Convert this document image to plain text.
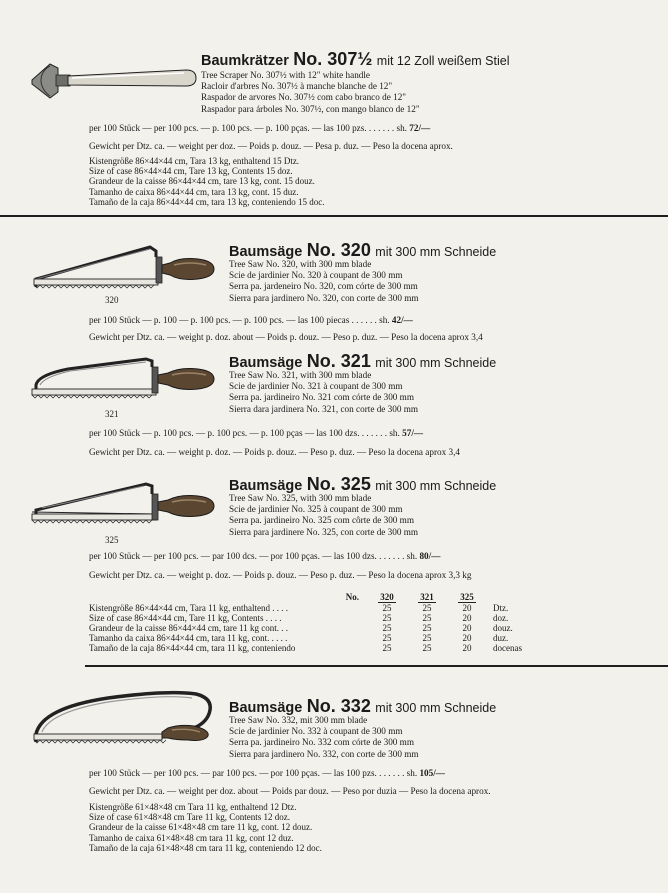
Baumkrätzer No. 307½ mit 12 Zoll weißem Stiel
Tree Scraper No. 307½ with 12" white handle
Racloir d'arbres No. 307½ à manche blanche de 12"
Raspador de arvores No. 307½ com cabo branco de 12"
Raspador para árboles No. 307½, con mango blanco de 12"
per 100 Stück — per 100 pcs. — p. 100 pcs. — p. 100 pças. — las 100 pzs. . . . . . . sh. 72/—
Gewicht per Dtz. ca. — weight per doz. — Poids p. douz. — Pesa p. duz. — Peso la docena aprox.
Kistengröße 86×44×44 cm, Tara 13 kg, enthaltend 15 Dtz.
Size of case 86×44×44 cm, Tare 13 kg, Contents 15 doz.
Grandeur de la caisse 86×44×44 cm, tare 13 kg, cont. 15 douz.
Tamanho de caixa 86×44×44 cm, tara 13 kg, cont. 15 duz.
Tamaño de la caja 86×44×44 cm, tara 13 kg, conteniendo 15 doc.
320
Baumsäge No. 320 mit 300 mm Schneide
Tree Saw No. 320, with 300 mm blade
Scie de jardinier No. 320 à coupant de 300 mm
Serra pa. jardeneiro No. 320, com córte de 300 mm
Sierra para jardinero No. 320, con corte de 300 mm
per 100 Stück — p. 100 — p. 100 pcs. — p. 100 pcs. — las 100 piecas . . . . . . sh. 42/—
Gewicht per Dtz. ca. — weight p. doz. about — Poids p. douz. — Peso p. duz. — Peso la docena aprox 3,4
321
Baumsäge No. 321 mit 300 mm Schneide
Tree Saw No. 321, with 300 mm blade
Scie de jardinier No. 321 à coupant de 300 mm
Serra pa. jardineiro No. 321 com córte de 300 mm
Sierra dara jardinera No. 321, con corte de 300 mm
per 100 Stück — p. 100 pcs. — p. 100 pcs. — p. 100 pças — las 100 dzs. . . . . . . sh. 57/—
Gewicht per Dtz. ca. — weight p. doz. — Poids p. douz. — Peso p. duz. — Peso la docena aprox 3,4
325
Baumsäge No. 325 mit 300 mm Schneide
Tree Saw No. 325, with 300 mm blade
Scie de jardinier No. 325 à coupant de 300 mm
Serra pa. jardineiro No. 325 com côrte de 300 mm
Sierra para jardinere No. 325, con corte de 300 mm
per 100 Stück — per 100 pcs. — par 100 dcs. — por 100 pças. — las 100 dzs. . . . . . . sh. 80/—
Gewicht per Dtz. ca. — weight p. doz. — Poids p. douz. — Peso p. duz. — Peso la docena aprox 3,3 kg
No.	320	321	325	
Kistengröße 86×44×44 cm, Tara 11 kg, enthaltend . . . .	25	25	20	Dtz.
Size of case 86×44×44 cm, Tare 11 kg, Contents . . . .	25	25	20	doz.
Grandeur de la caisse 86×44×44 cm, tare 11 kg cont. . .	25	25	20	douz.
Tamanho da caixa 86×44×44 cm, tara 11 kg, cont. . . . .	25	25	20	duz.
Tamaño de la caja 86×44×44 cm, tara 11 kg, conteniendo	25	25	20	docenas
Baumsäge No. 332 mit 300 mm Schneide
Tree Saw No. 332, mit 300 mm blade
Scie de jardinier No. 332 à coupant de 300 mm
Serra pa. jardineiro No. 332 com córte de 300 mm
Sierra para jardinero No. 332, con corte de 300 mm
per 100 Stück — per 100 pcs. — par 100 pcs. — por 100 pças. — las 100 pzs. . . . . . . sh. 105/—
Gewicht per Dtz. ca. — weight per doz. about — Poids par douz. — Peso por duzia — Peso la docena aprox.
Kistengröße 61×48×48 cm Tara 11 kg, enthaltend 12 Dtz.
Size of case 61×48×48 cm Tare 11 kg, Contents 12 doz.
Grandeur de la caisse 61×48×48 cm tare 11 kg, cont. 12 douz.
Tamanho de caixa 61×48×48 cm tara 11 kg, cont 12 duz.
Tamaño de la caja 61×48×48 cm tara 11 kg, conteniendo 12 doc.
